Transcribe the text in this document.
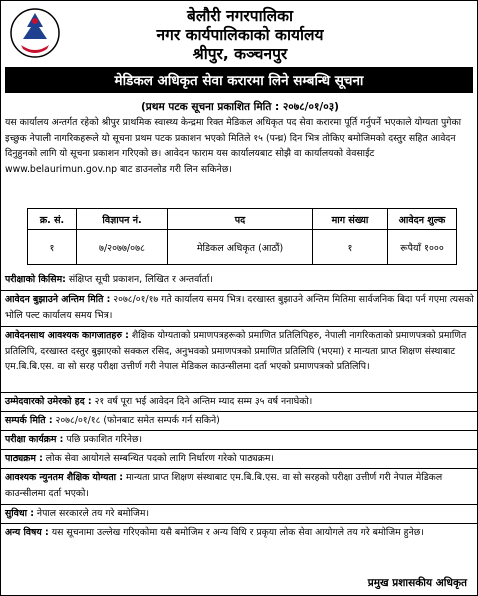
बेलौरी नगरपालिका
नगर कार्यपालिकाको कार्यालय
श्रीपुर, कञ्चनपुर
मेडिकल अधिकृत सेवा करारमा लिने सम्बन्धि सूचना
(प्रथम पटक सूचना प्रकाशित मिति : २०७८/०१/०३)
यस कार्यालय अन्तर्गत रहेको श्रीपुर प्राथमिक स्वास्थ्य केन्द्रमा रिक्त मेडिकल अधिकृत पद सेवा करारमा पूर्ति गर्नुपर्ने भएकाले योग्यता पुगेका इच्छुक नेपाली नागरिकहरूले यो सूचना प्रथम पटक प्रकाशन भएको मितिले १५ (पन्ध्र) दिन भित्र तोकिए बमोजिमको दस्तुर सहित आवेदन दिनुहुनको लागि यो सूचना प्रकाशन गरिएको छ। आवेदन फाराम यस कार्यालयबाट सोझै वा कार्यालयको वेवसाईट www.belaurimun.gov.np बाट डाउनलोड गरी लिन सकिनेछ।
क्र. सं.	विज्ञापन नं.	पद	माग संख्या	आवेदन शुल्क
१	७/२०७७/०७८	मेडिकल अधिकृत (आठौं)	१	रूपैयाँ १०००
परीक्षाको किसिम: संक्षिप्त सूची प्रकाशन, लिखित र अन्तर्वार्ता।
आवेदन बुझाउने अन्तिम मिति : २०७८/०१/१७ गते कार्यालय समय भित्र। दरखास्त बुझाउने अन्तिम मितिमा सार्वजनिक बिदा पर्न गएमा त्यसको भोलि पल्ट कार्यालय समय भित्र।
आवेदनसाथ आवश्यक कागजातहरु : शैक्षिक योग्यताको प्रमाणपत्रहरूको प्रमाणित प्रतिलिपिहरु, नेपाली नागरिकताको प्रमाणपत्रको प्रमाणित प्रतिलिपि, दरखास्त दस्तुर बुझाएको सक्कल रसिद, अनुभवको प्रमाणपत्रको प्रमाणित प्रतिलिपि (भएमा) र मान्यता प्राप्त शिक्षण संस्थाबाट एम.बि.बि.एस. वा सो सरह परीक्षा उत्तीर्ण गरी नेपाल मेडिकल काउन्सीलमा दर्ता भएको प्रमाणपत्रको प्रतिलिपि।
उम्मेदवारको उमेरको हद : २१ वर्ष पूरा भई आवेदन दिने अन्तिम म्याद सम्म ३५ वर्ष ननाघेको।
सम्पर्क मिति : २०७८/०१/१८ (फोनबाट समेत सम्पर्क गर्न सकिने)
परीक्षा कार्यक्रम : पछि प्रकाशित गरिनेछ।
पाठ्यक्रम : लोक सेवा आयोगले सम्बन्धित पदको लागि निर्धारण गरेको पाठ्यक्रम।
आवश्यक न्युनतम शैक्षिक योग्यता : मान्यता प्राप्त शिक्षण संस्थाबाट एम.बि.बि.एस. वा सो सरहको परीक्षा उत्तीर्ण गरी नेपाल मेडिकल काउन्सीलमा दर्ता भएको।
सुविधा : नेपाल सरकारले तय गरे बमोजिम।
अन्य विषय : यस सूचनामा उल्लेख गरिएकोमा यसै बमोजिम र अन्य विधि र प्रकृया लोक सेवा आयोगले तय गरे बमोजिम हुनेछ।
प्रमुख प्रशासकीय अधिकृत
